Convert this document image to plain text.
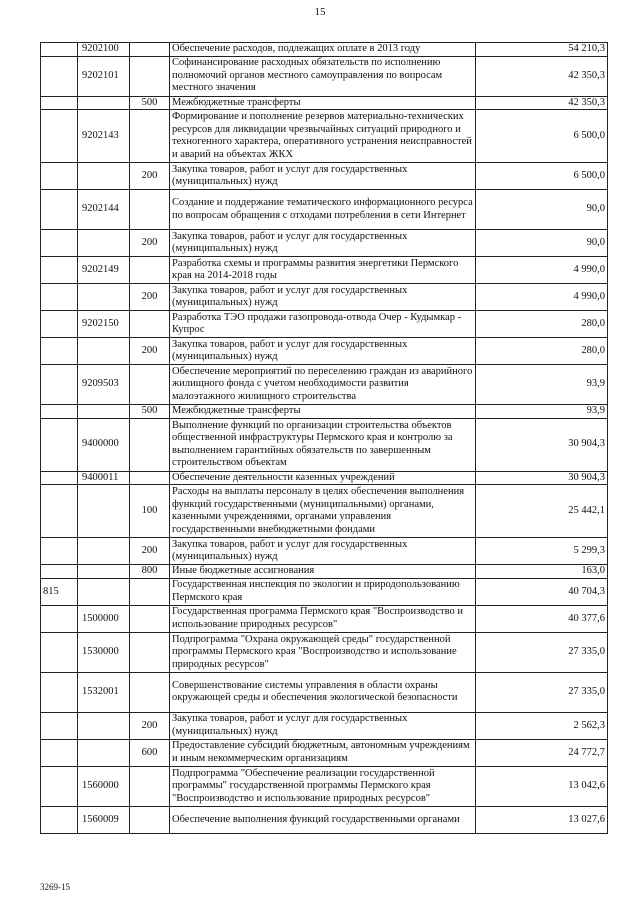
15
	9202100		Обеспечение расходов, подлежащих оплате в 2013 году	54 210,3
	9202101		Софинансирование расходных обязательств по исполнению полномочий органов местного самоуправления по вопросам местного значения	42 350,3
		500	Межбюджетные трансферты	42 350,3
	9202143		Формирование и пополнение резервов материально-технических ресурсов для ликвидации чрезвычайных ситуаций природного и техногенного характера, оперативного устранения неисправностей и аварий на объектах ЖКХ	6 500,0
		200	Закупка товаров, работ и услуг для государственных (муниципальных) нужд	6 500,0
	9202144		Создание и поддержание тематического информационного ресурса по вопросам обращения с отходами потребления в сети Интернет	90,0
		200	Закупка товаров, работ и услуг для государственных (муниципальных) нужд	90,0
	9202149		Разработка схемы и программы развития энергетики Пермского края на 2014-2018 годы	4 990,0
		200	Закупка товаров, работ и услуг для государственных (муниципальных) нужд	4 990,0
	9202150		Разработка ТЭО продажи газопровода-отвода Очер - Кудымкар - Купрос	280,0
		200	Закупка товаров, работ и услуг для государственных (муниципальных) нужд	280,0
	9209503		Обеспечение мероприятий по переселению граждан из аварийного жилищного фонда с учетом необходимости развития малоэтажного жилищного строительства	93,9
		500	Межбюджетные трансферты	93,9
	9400000		Выполнение функций по организации строительства объектов общественной инфраструктуры Пермского края и контролю за выполнением гарантийных обязательств по завершенным строительством объектам	30 904,3
	9400011		Обеспечение деятельности казенных учреждений	30 904,3
		100	Расходы на выплаты персоналу в целях обеспечения выполнения функций государственными (муниципальными) органами, казенными учреждениями, органами управления государственными внебюджетными фондами	25 442,1
		200	Закупка товаров, работ и услуг для государственных (муниципальных) нужд	5 299,3
		800	Иные бюджетные ассигнования	163,0
815			Государственная инспекция по экологии и природопользованию Пермского края	40 704,3
	1500000		Государственная программа Пермского края "Воспроизводство и использование природных ресурсов"	40 377,6
	1530000		Подпрограмма "Охрана окружающей среды" государственной программы Пермского края "Воспроизводство и использование природных ресурсов"	27 335,0
	1532001		Совершенствование системы управления в области охраны окружающей среды и обеспечения экологической безопасности	27 335,0
		200	Закупка товаров, работ и услуг для государственных (муниципальных) нужд	2 562,3
		600	Предоставление субсидий бюджетным, автономным учреждениям и иным некоммерческим организациям	24 772,7
	1560000		Подпрограмма "Обеспечение реализации государственной программы" государственной программы Пермского края "Воспроизводство и использование природных ресурсов"	13 042,6
	1560009		Обеспечение выполнения функций государственными органами	13 027,6
3269-15
